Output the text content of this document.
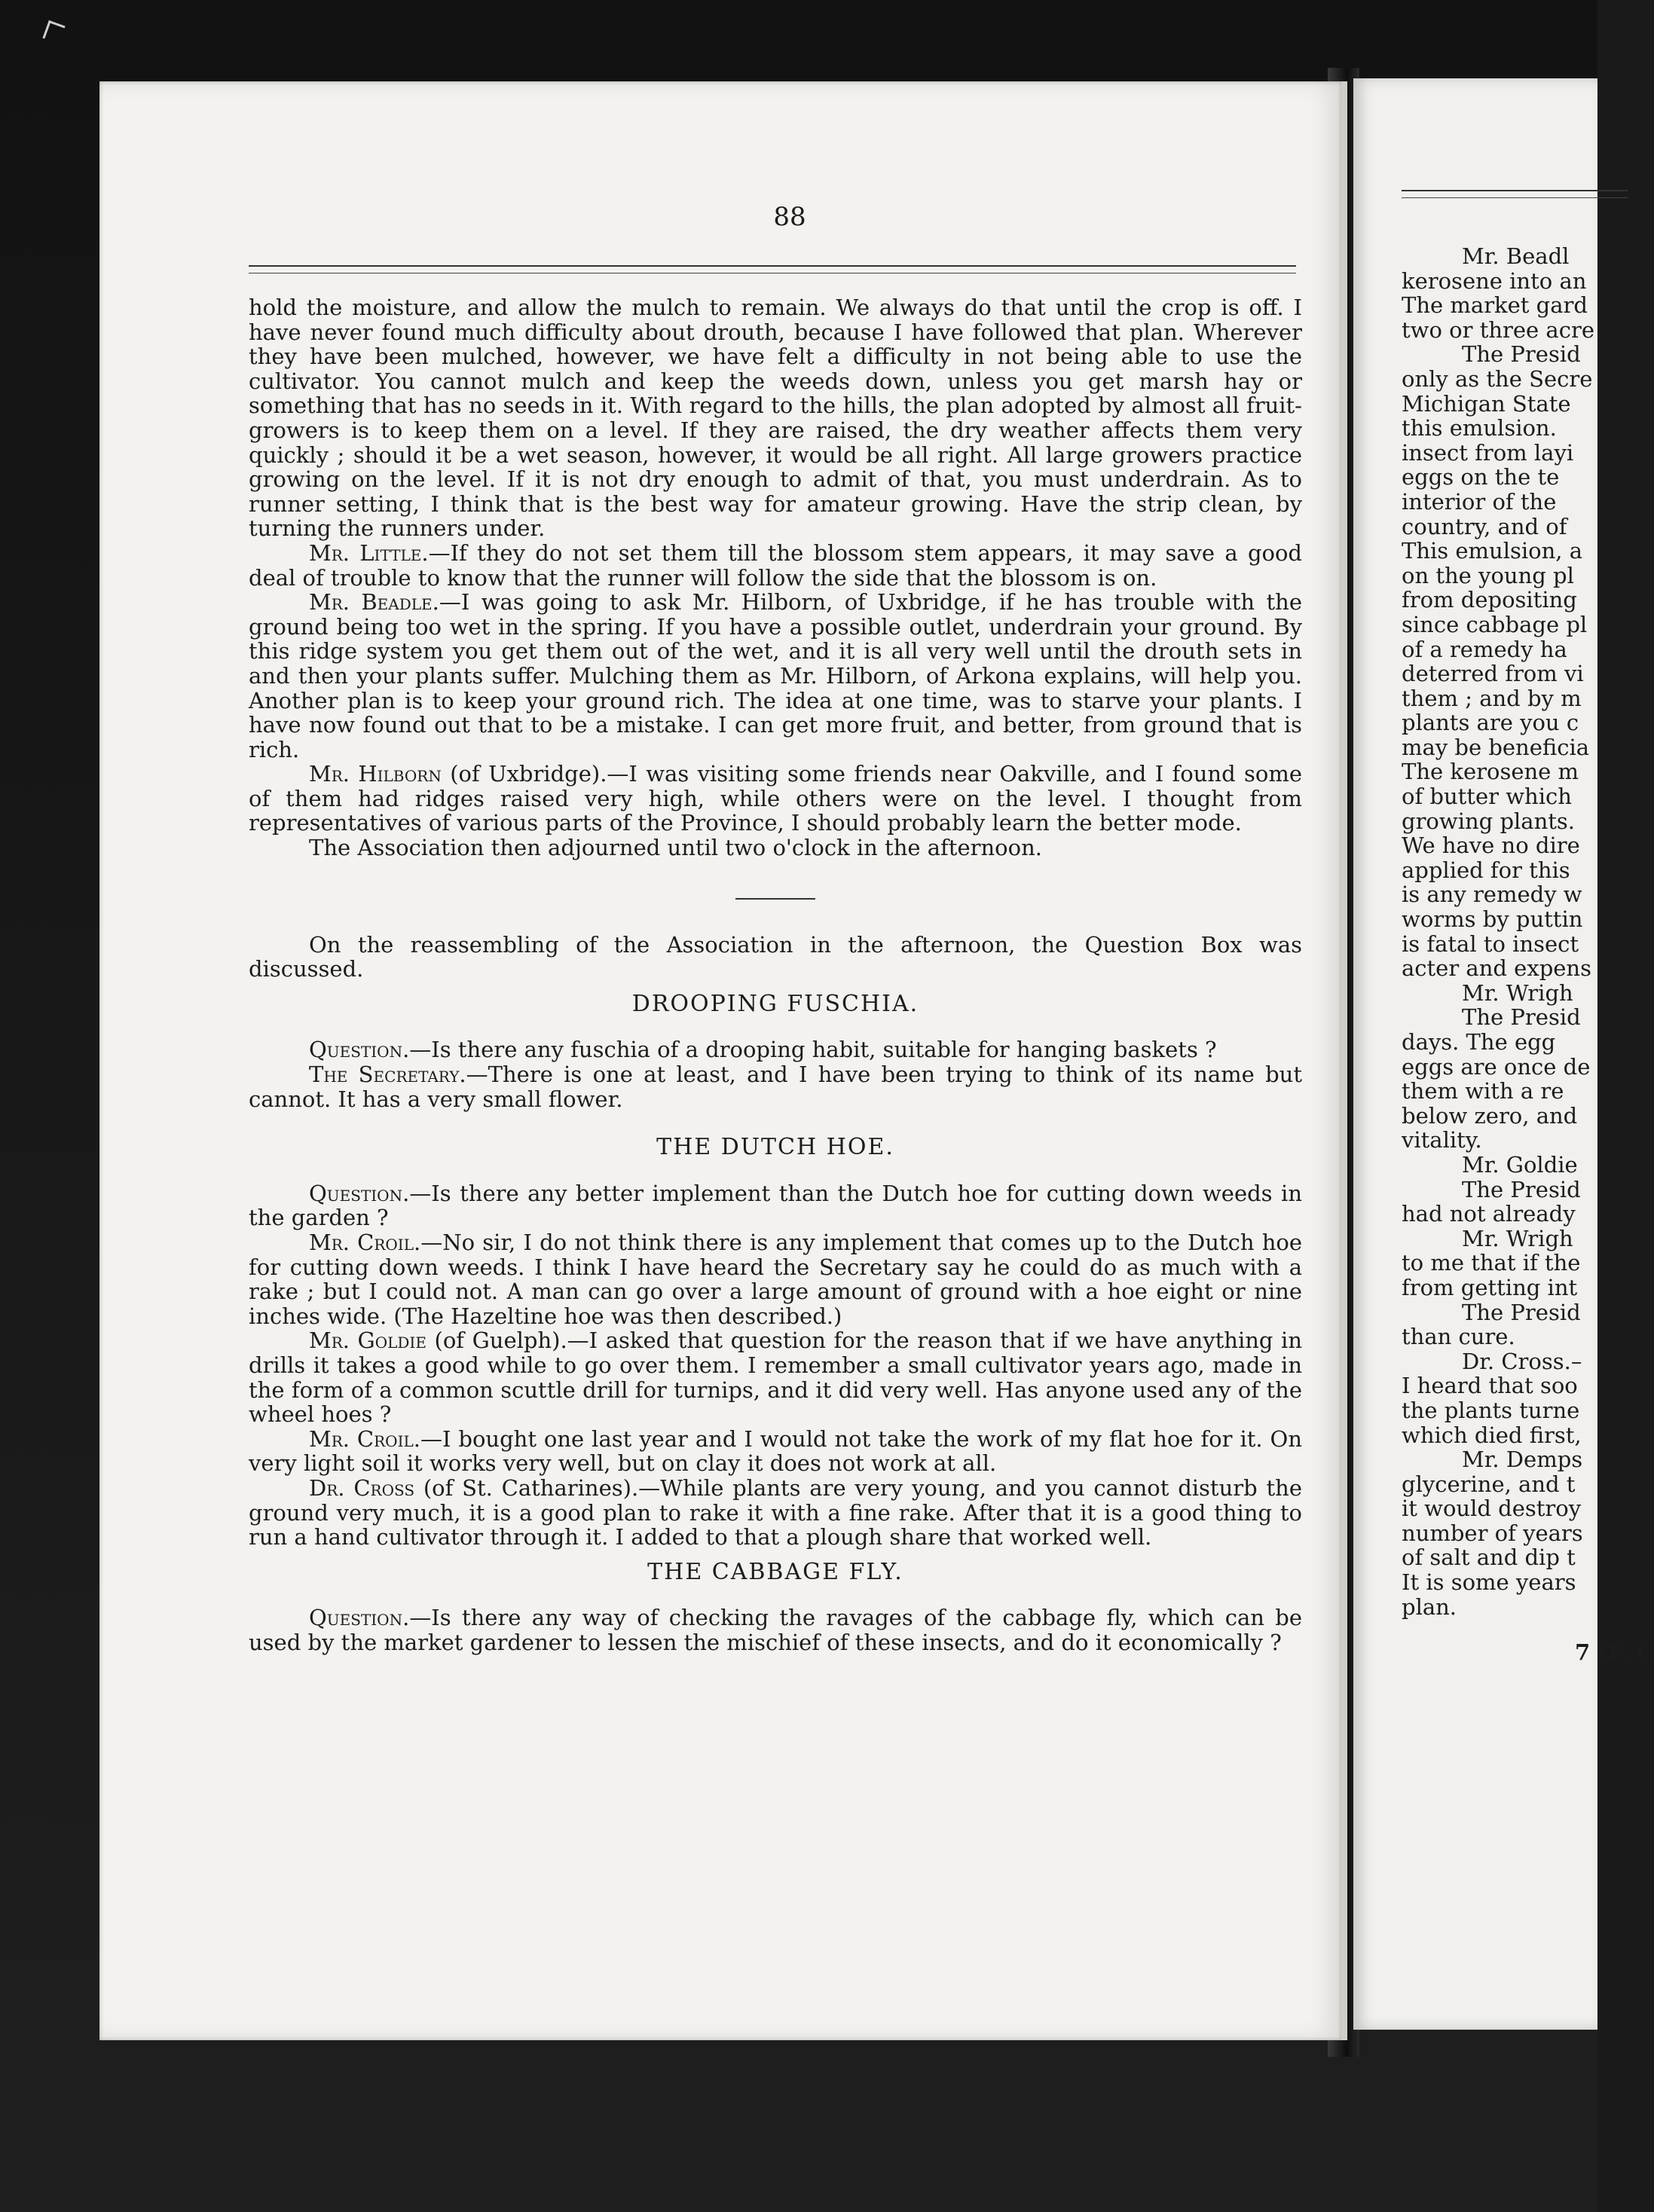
88

hold the moisture, and allow the mulch to remain. We always do that until the crop is off. I have never found much difficulty about drouth, because I have followed that plan. Wherever they have been mulched, however, we have felt a difficulty in not being able to use the cultivator. You cannot mulch and keep the weeds down, unless you get marsh hay or something that has no seeds in it. With regard to the hills, the plan adopted by almost all fruit-growers is to keep them on a level. If they are raised, the dry weather affects them very quickly ; should it be a wet season, however, it would be all right. All large growers practice growing on the level. If it is not dry enough to admit of that, you must underdrain. As to runner setting, I think that is the best way for amateur growing. Have the strip clean, by turning the runners under.

Mr. Little.—If they do not set them till the blossom stem appears, it may save a good deal of trouble to know that the runner will follow the side that the blossom is on.

Mr. Beadle.—I was going to ask Mr. Hilborn, of Uxbridge, if he has trouble with the ground being too wet in the spring. If you have a possible outlet, underdrain your ground. By this ridge system you get them out of the wet, and it is all very well until the drouth sets in and then your plants suffer. Mulching them as Mr. Hilborn, of Arkona explains, will help you. Another plan is to keep your ground rich. The idea at one time, was to starve your plants. I have now found out that to be a mistake. I can get more fruit, and better, from ground that is rich.

Mr. Hilborn (of Uxbridge).—I was visiting some friends near Oakville, and I found some of them had ridges raised very high, while others were on the level. I thought from representatives of various parts of the Province, I should probably learn the better mode.

The Association then adjourned until two o'clock in the afternoon.

On the reassembling of the Association in the afternoon, the Question Box was discussed.

DROOPING FUSCHIA.

Question.—Is there any fuschia of a drooping habit, suitable for hanging baskets ?

The Secretary.—There is one at least, and I have been trying to think of its name but cannot. It has a very small flower.

THE DUTCH HOE.

Question.—Is there any better implement than the Dutch hoe for cutting down weeds in the garden ?

Mr. Croil.—No sir, I do not think there is any implement that comes up to the Dutch hoe for cutting down weeds. I think I have heard the Secretary say he could do as much with a rake ; but I could not. A man can go over a large amount of ground with a hoe eight or nine inches wide. (The Hazeltine hoe was then described.)

Mr. Goldie (of Guelph).—I asked that question for the reason that if we have anything in drills it takes a good while to go over them. I remember a small cultivator years ago, made in the form of a common scuttle drill for turnips, and it did very well. Has anyone used any of the wheel hoes ?

Mr. Croil.—I bought one last year and I would not take the work of my flat hoe for it. On very light soil it works very well, but on clay it does not work at all.

Dr. Cross (of St. Catharines).—While plants are very young, and you cannot disturb the ground very much, it is a good plan to rake it with a fine rake. After that it is a good thing to run a hand cultivator through it. I added to that a plough share that worked well.

THE CABBAGE FLY.

Question.—Is there any way of checking the ravages of the cabbage fly, which can be used by the market gardener to lessen the mischief of these insects, and do it economically ?

Mr. Beadl
kerosene into an
The market gard
two or three acre
The Presid
only as the Secre
Michigan State
this emulsion.
insect from layi
eggs on the te
interior of the
country, and of
This emulsion, a
on the young pl
from depositing
since cabbage pl
of a remedy ha
deterred from vi
them ; and by m
plants are you c
may be beneficia
The kerosene m
of butter which
growing plants.
We have no dire
applied for this
is any remedy w
worms by puttin
is fatal to insect
acter and expens
Mr. Wrigh
The Presid
days. The egg
eggs are once de
them with a re
below zero, and
vitality.
Mr. Goldie
The Presid
had not already
Mr. Wrigh
to me that if the
from getting int
The Presid
than cure.
Dr. Cross.–
I heard that soo
the plants turne
which died first,
Mr. Demps
glycerine, and t
it would destroy
number of years
of salt and dip t
It is some years
plan.
7 (F. C
